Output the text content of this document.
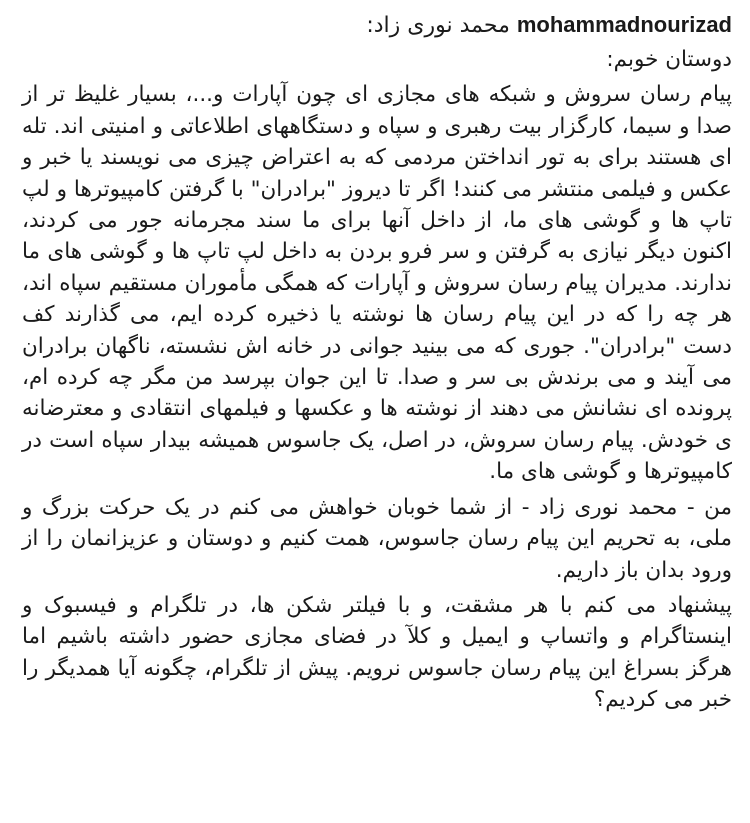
mohammadnourizad محمد نوری زاد:
دوستان خوبم:

پیام رسان سروش و شبکه های مجازی ای چون آپارات و...، بسیار غلیظ تر از صدا و سیما، کارگزار بیت رهبری و سپاه و دستگاههای اطلاعاتی و امنیتی اند. تله ای هستند برای به تور انداختن مردمی که به اعتراض چیزی می نویسند یا خبر و عکس و فیلمی منتشر می کنند! اگر تا دیروز "برادران" با گرفتن کامپیوترها و لپ تاپ ها و گوشی های ما، از داخل آنها برای ما سند مجرمانه جور می کردند، اکنون دیگر نیازی به گرفتن و سر فرو بردن به داخل لپ تاپ ها و گوشی های ما ندارند. مدیران پیام رسان سروش و آپارات که همگی مأموران مستقیم سپاه اند، هر چه را که در این پیام رسان ها نوشته یا ذخیره کرده ایم، می گذارند کف دست "برادران". جوری که می بینید جوانی در خانه اش نشسته، ناگهان برادران می آیند و می برندش بی سر و صدا. تا این جوان بپرسد من مگر چه کرده ام، پرونده ای نشانش می دهند از نوشته ها و عکسها و فیلمهای انتقادی و معترضانه ی خودش. پیام رسان سروش، در اصل، یک جاسوس همیشه بیدار سپاه است در کامپیوترها و گوشی های ما.

من - محمد نوری زاد - از شما خوبان خواهش می کنم در یک حرکت بزرگ و ملی، به تحریم این پیام رسان جاسوس، همت کنیم و دوستان و عزیزانمان را از ورود بدان باز داریم.

پیشنهاد می کنم با هر مشقت، و با فیلتر شکن ها، در تلگرام و فیسبوک و اینستاگرام و واتساپ و ایمیل و کلآ در فضای مجازی حضور داشته باشیم اما هرگز بسراغ این پیام رسان جاسوس نرویم. پیش از تلگرام، چگونه آیا همدیگر را خبر می کردیم؟
